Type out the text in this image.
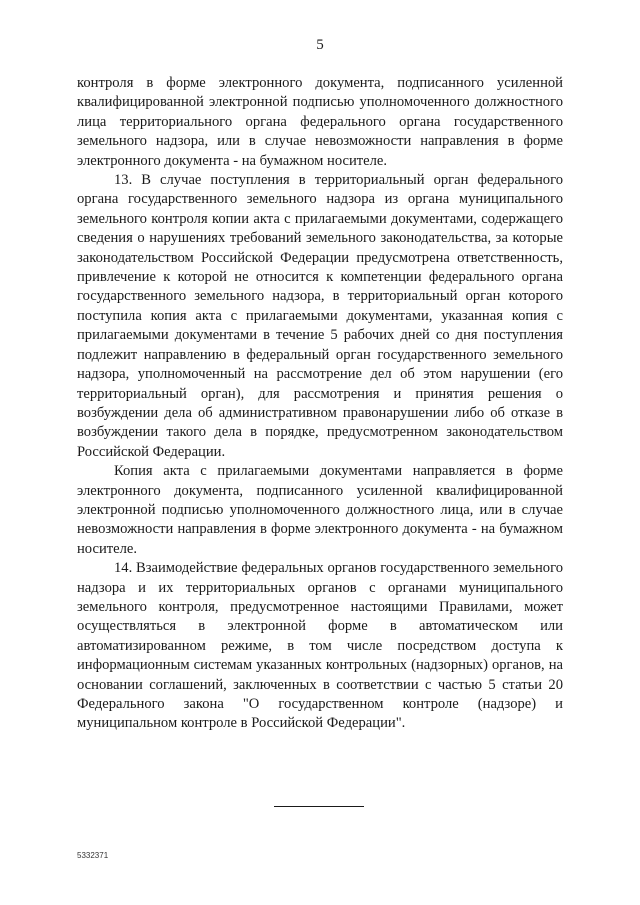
5

контроля в форме электронного документа, подписанного усиленной квалифицированной электронной подписью уполномоченного должностного лица территориального органа федерального органа государственного земельного надзора, или в случае невозможности направления в форме электронного документа - на бумажном носителе.

13. В случае поступления в территориальный орган федерального органа государственного земельного надзора из органа муниципального земельного контроля копии акта с прилагаемыми документами, содержащего сведения о нарушениях требований земельного законодательства, за которые законодательством Российской Федерации предусмотрена ответственность, привлечение к которой не относится к компетенции федерального органа государственного земельного надзора, в территориальный орган которого поступила копия акта с прилагаемыми документами, указанная копия с прилагаемыми документами в течение 5 рабочих дней со дня поступления подлежит направлению в федеральный орган государственного земельного надзора, уполномоченный на рассмотрение дел об этом нарушении (его территориальный орган), для рассмотрения и принятия решения о возбуждении дела об административном правонарушении либо об отказе в возбуждении такого дела в порядке, предусмотренном законодательством Российской Федерации.

Копия акта с прилагаемыми документами направляется в форме электронного документа, подписанного усиленной квалифицированной электронной подписью уполномоченного должностного лица, или в случае невозможности направления в форме электронного документа - на бумажном носителе.

14. Взаимодействие федеральных органов государственного земельного надзора и их территориальных органов с органами муниципального земельного контроля, предусмотренное настоящими Правилами, может осуществляться в электронной форме в автоматическом или автоматизированном режиме, в том числе посредством доступа к информационным системам указанных контрольных (надзорных) органов, на основании соглашений, заключенных в соответствии с частью 5 статьи 20 Федерального закона "О государственном контроле (надзоре) и муниципальном контроле в Российской Федерации".

5332371
